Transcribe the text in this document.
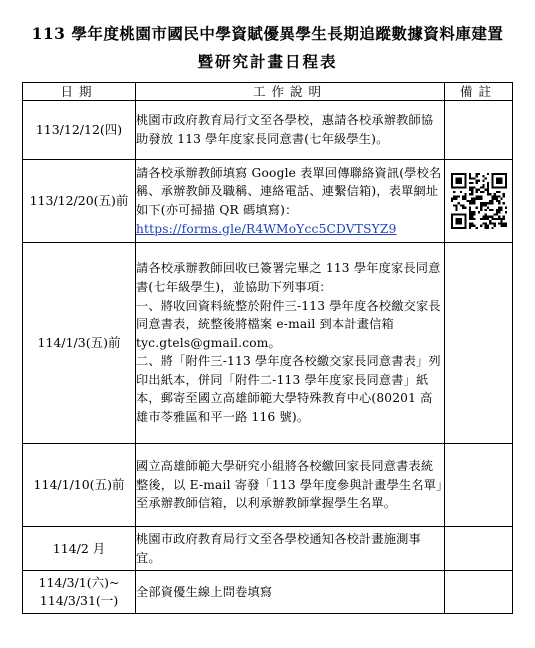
113 學年度桃園市國民中學資賦優異學生長期追蹤數據資料庫建置
暨研究計畫日程表
日期	工作說明	備註
113/12/12(四)	桃園市政府教育局行文至各學校，惠請各校承辦教師協助發放 113 學年度家長同意書(七年級學生)。	

113/12/20(五)前	請各校承辦教師填寫 Google 表單回傳聯絡資訊(學校名稱、承辦教師及職稱、連絡電話、連繫信箱)，表單網址如下(亦可掃描 QR 碼填寫)：
https://forms.gle/R4WMoYcc5CDVTSYZ9	

114/1/3(五)前	請各校承辦教師回收已簽署完畢之 113 學年度家長同意書(七年級學生)，並協助下列事項：
一、將收回資料統整於附件三-113 學年度各校繳交家長同意書表，統整後將檔案 e-mail 到本計畫信箱 tyc.gtels@gmail.com。
二、將「附件三-113 學年度各校繳交家長同意書表」列印出紙本，併同「附件二-113 學年度家長同意書」紙本，郵寄至國立高雄師範大學特殊教育中心(80201 高雄市苓雅區和平一路 116 號)。	

114/1/10(五)前	國立高雄師範大學研究小組將各校繳回家長同意書表統整後，以 E-mail 寄發「113 學年度參與計畫學生名單」至承辦教師信箱，以利承辦教師掌握學生名單。	

114/2 月	桃園市政府教育局行文至各學校通知各校計畫施測事宜。	

114/3/1(六)~
114/3/31(一)	全部資優生線上問卷填寫	
